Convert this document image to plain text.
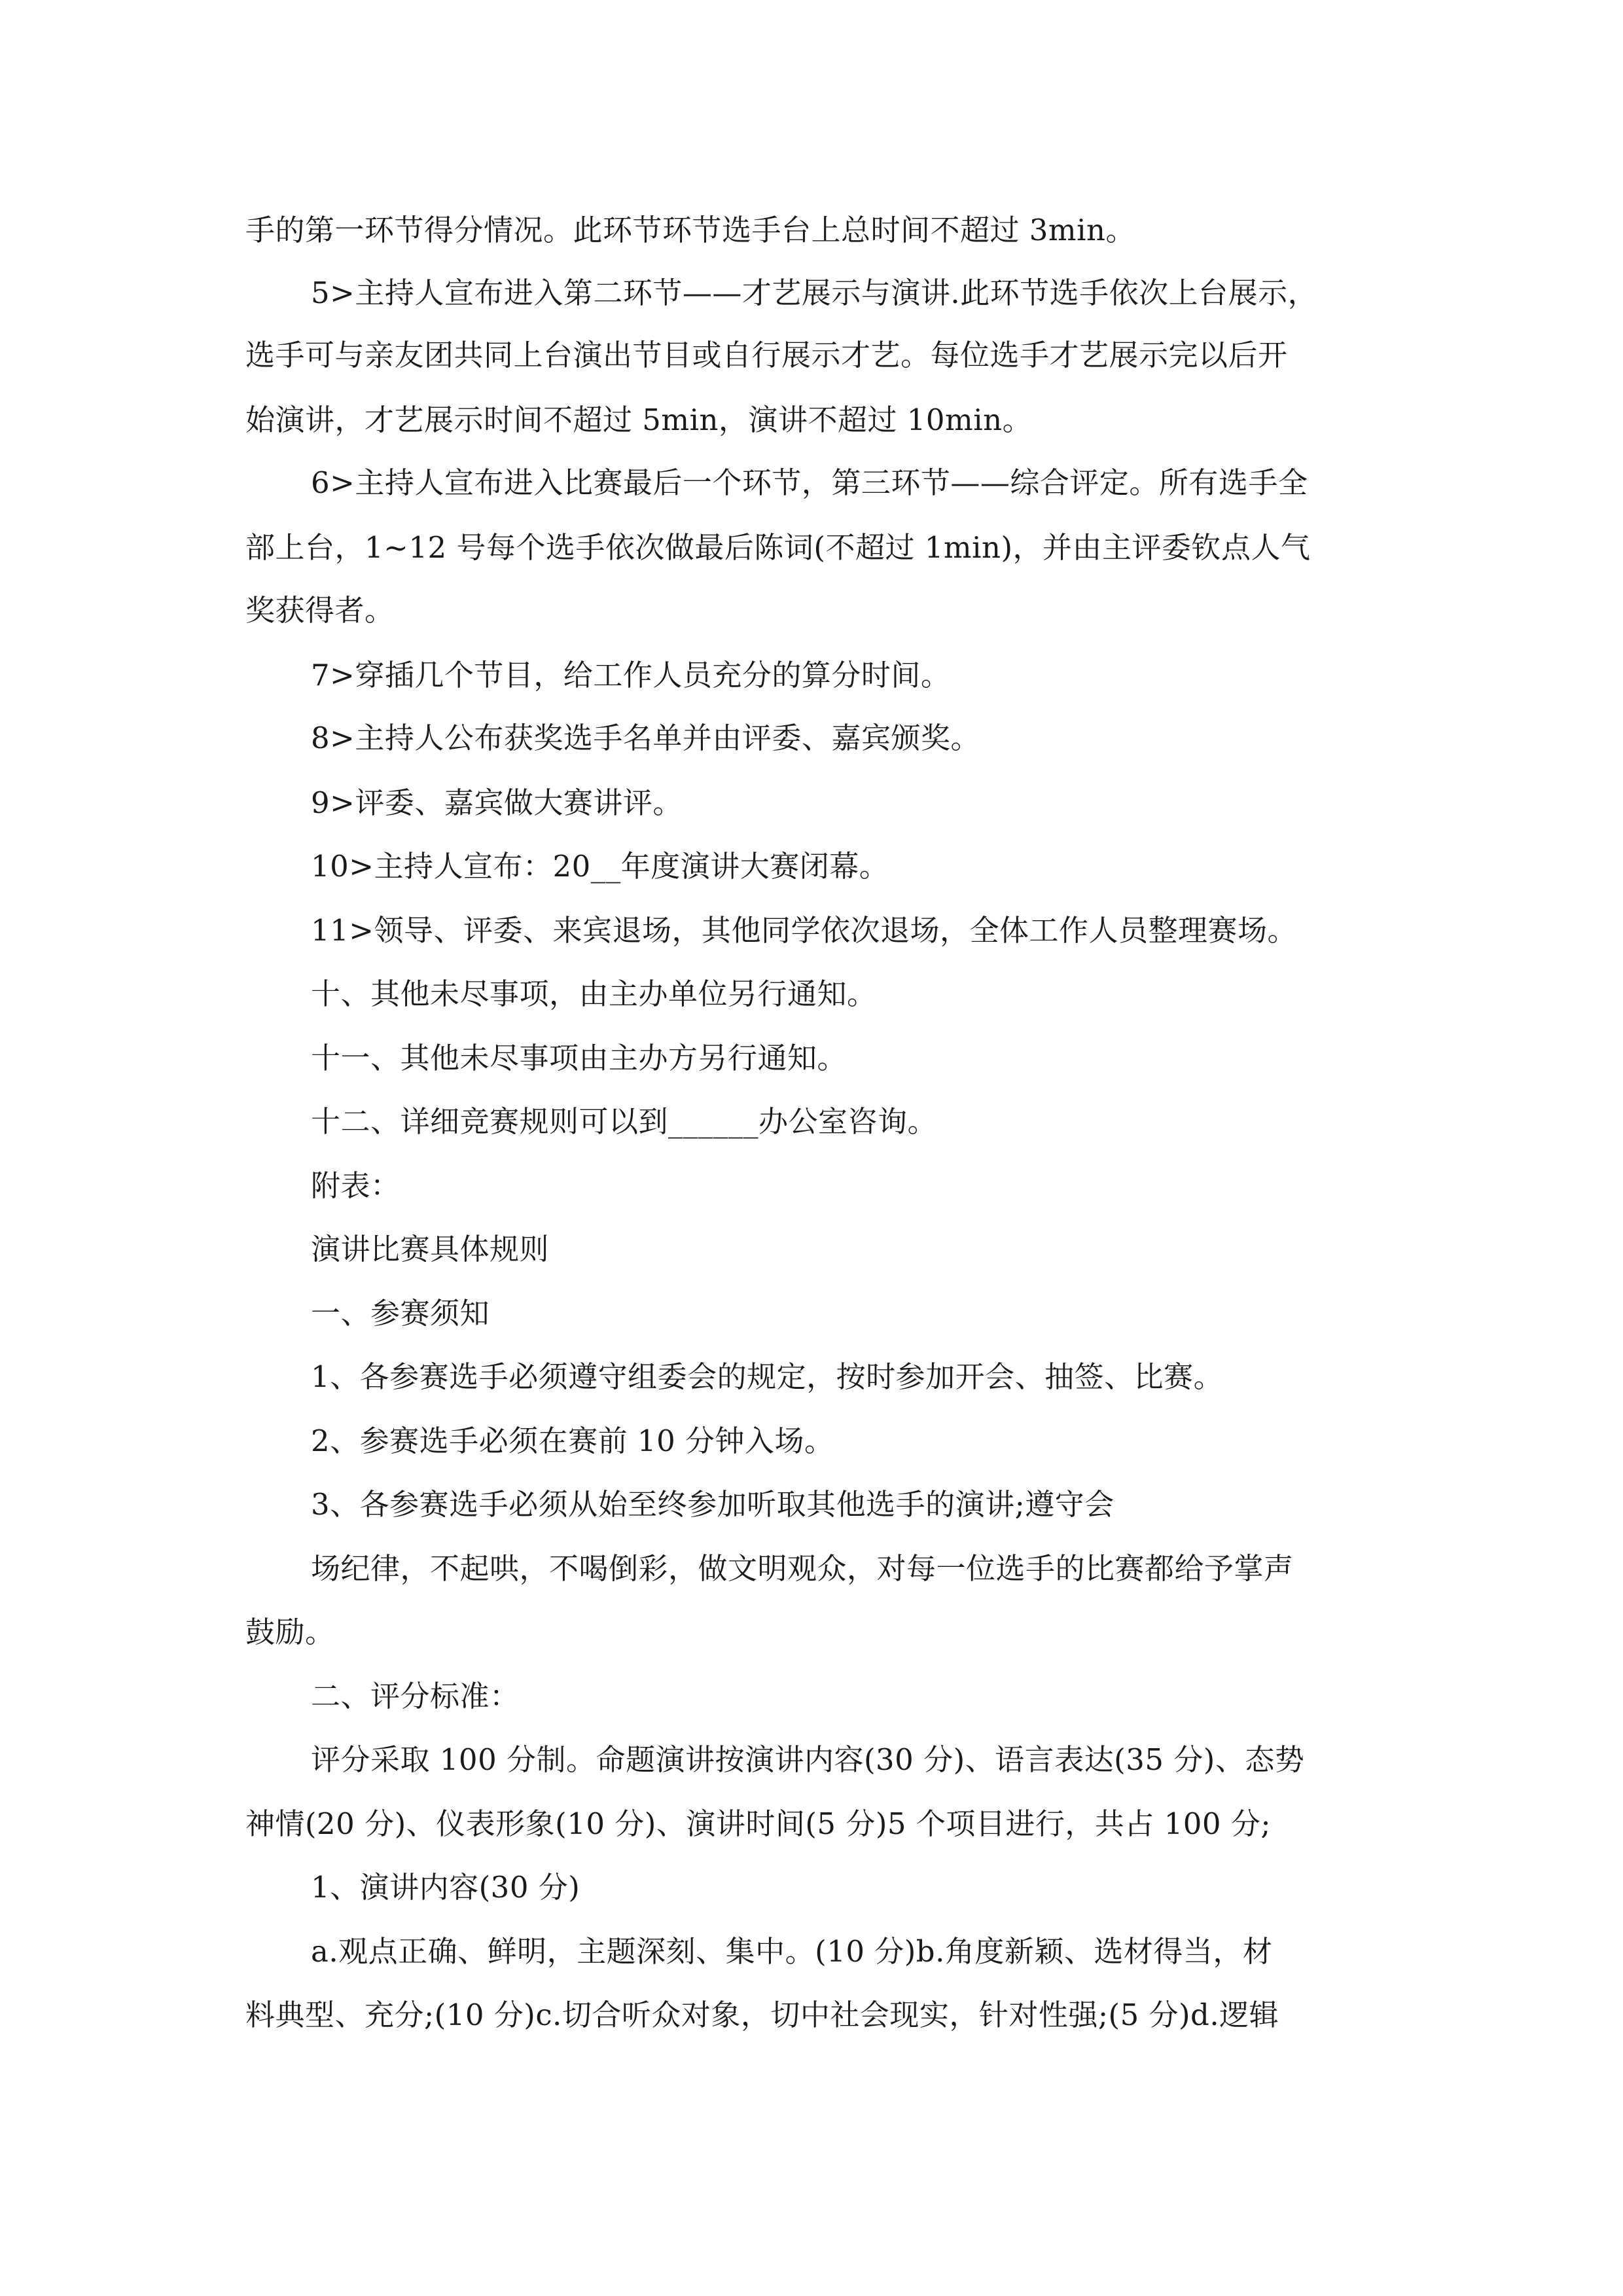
手的第一环节得分情况。此环节环节选手台上总时间不超过 3min。
5>主持人宣布进入第二环节——才艺展示与演讲.此环节选手依次上台展示，
选手可与亲友团共同上台演出节目或自行展示才艺。每位选手才艺展示完以后开
始演讲，才艺展示时间不超过 5min，演讲不超过 10min。
6>主持人宣布进入比赛最后一个环节，第三环节——综合评定。所有选手全
部上台，1~12 号每个选手依次做最后陈词(不超过 1min)，并由主评委钦点人气
奖获得者。
7>穿插几个节目，给工作人员充分的算分时间。
8>主持人公布获奖选手名单并由评委、嘉宾颁奖。
9>评委、嘉宾做大赛讲评。
10>主持人宣布：20__年度演讲大赛闭幕。
11>领导、评委、来宾退场，其他同学依次退场，全体工作人员整理赛场。
十、其他未尽事项，由主办单位另行通知。
十一、其他未尽事项由主办方另行通知。
十二、详细竞赛规则可以到______办公室咨询。
附表：
演讲比赛具体规则
一、参赛须知
1、各参赛选手必须遵守组委会的规定，按时参加开会、抽签、比赛。
2、参赛选手必须在赛前 10 分钟入场。
3、各参赛选手必须从始至终参加听取其他选手的演讲;遵守会
场纪律，不起哄，不喝倒彩，做文明观众，对每一位选手的比赛都给予掌声
鼓励。
二、评分标准：
评分采取 100 分制。命题演讲按演讲内容(30 分)、语言表达(35 分)、态势
神情(20 分)、仪表形象(10 分)、演讲时间(5 分)5 个项目进行，共占 100 分;
1、演讲内容(30 分)
a.观点正确、鲜明，主题深刻、集中。(10 分)b.角度新颖、选材得当，材
料典型、充分;(10 分)c.切合听众对象，切中社会现实，针对性强;(5 分)d.逻辑
